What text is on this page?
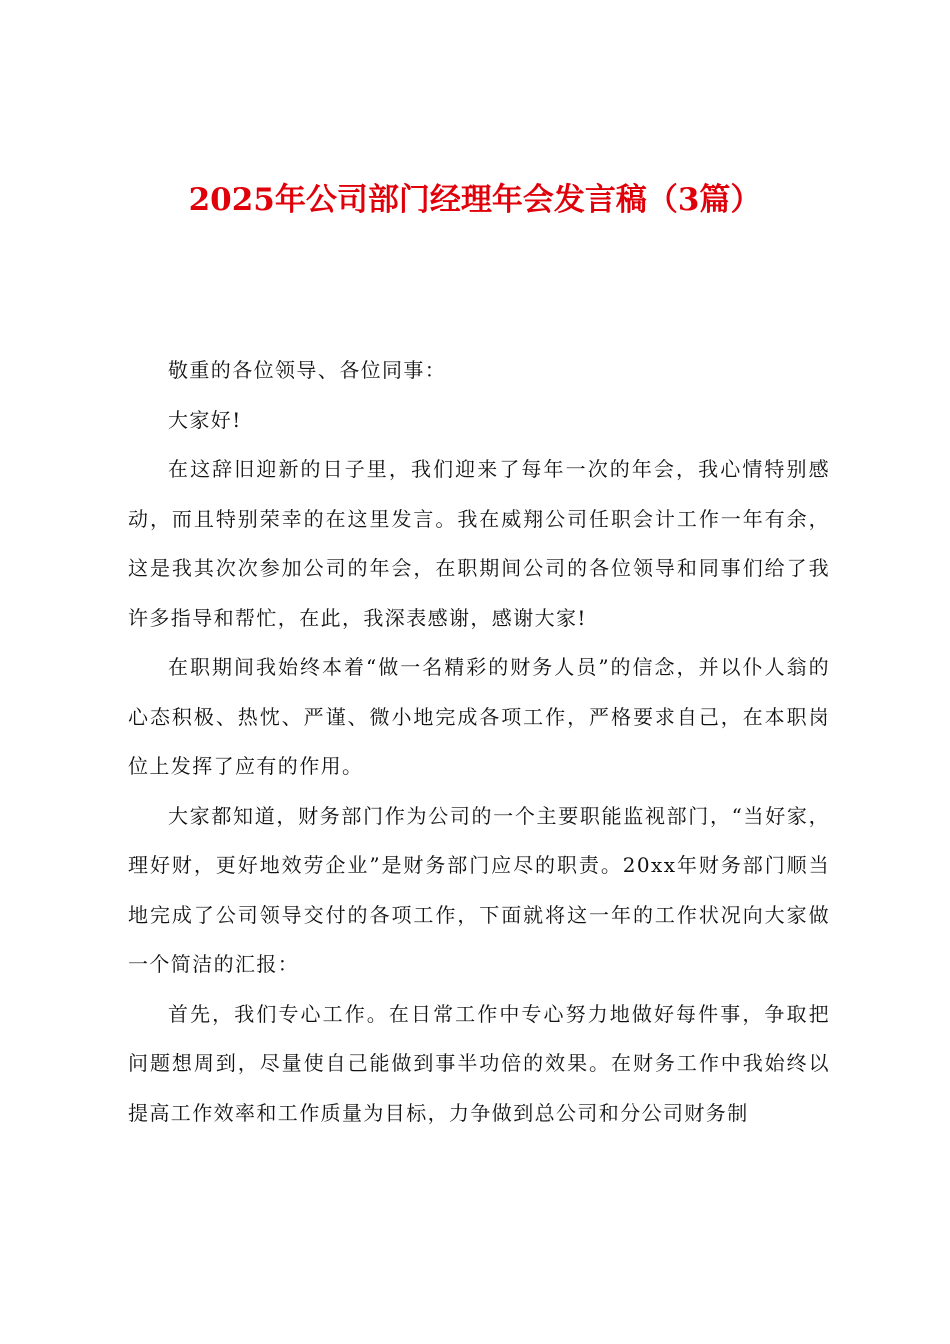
2025年公司部门经理年会发言稿（3篇）

敬重的各位领导、各位同事：

大家好!

在这辞旧迎新的日子里，我们迎来了每年一次的年会，我心情特别感动，而且特别荣幸的在这里发言。我在威翔公司任职会计工作一年有余，这是我其次次参加公司的年会，在职期间公司的各位领导和同事们给了我许多指导和帮忙，在此，我深表感谢，感谢大家!

在职期间我始终本着“做一名精彩的财务人员”的信念，并以仆人翁的心态积极、热忱、严谨、微小地完成各项工作，严格要求自己，在本职岗位上发挥了应有的作用。

大家都知道，财务部门作为公司的一个主要职能监视部门，“当好家，理好财，更好地效劳企业”是财务部门应尽的职责。20xx年财务部门顺当地完成了公司领导交付的各项工作，下面就将这一年的工作状况向大家做一个简洁的汇报：

首先，我们专心工作。在日常工作中专心努力地做好每件事，争取把问题想周到，尽量使自己能做到事半功倍的效果。在财务工作中我始终以提高工作效率和工作质量为目标，力争做到总公司和分公司财务制
